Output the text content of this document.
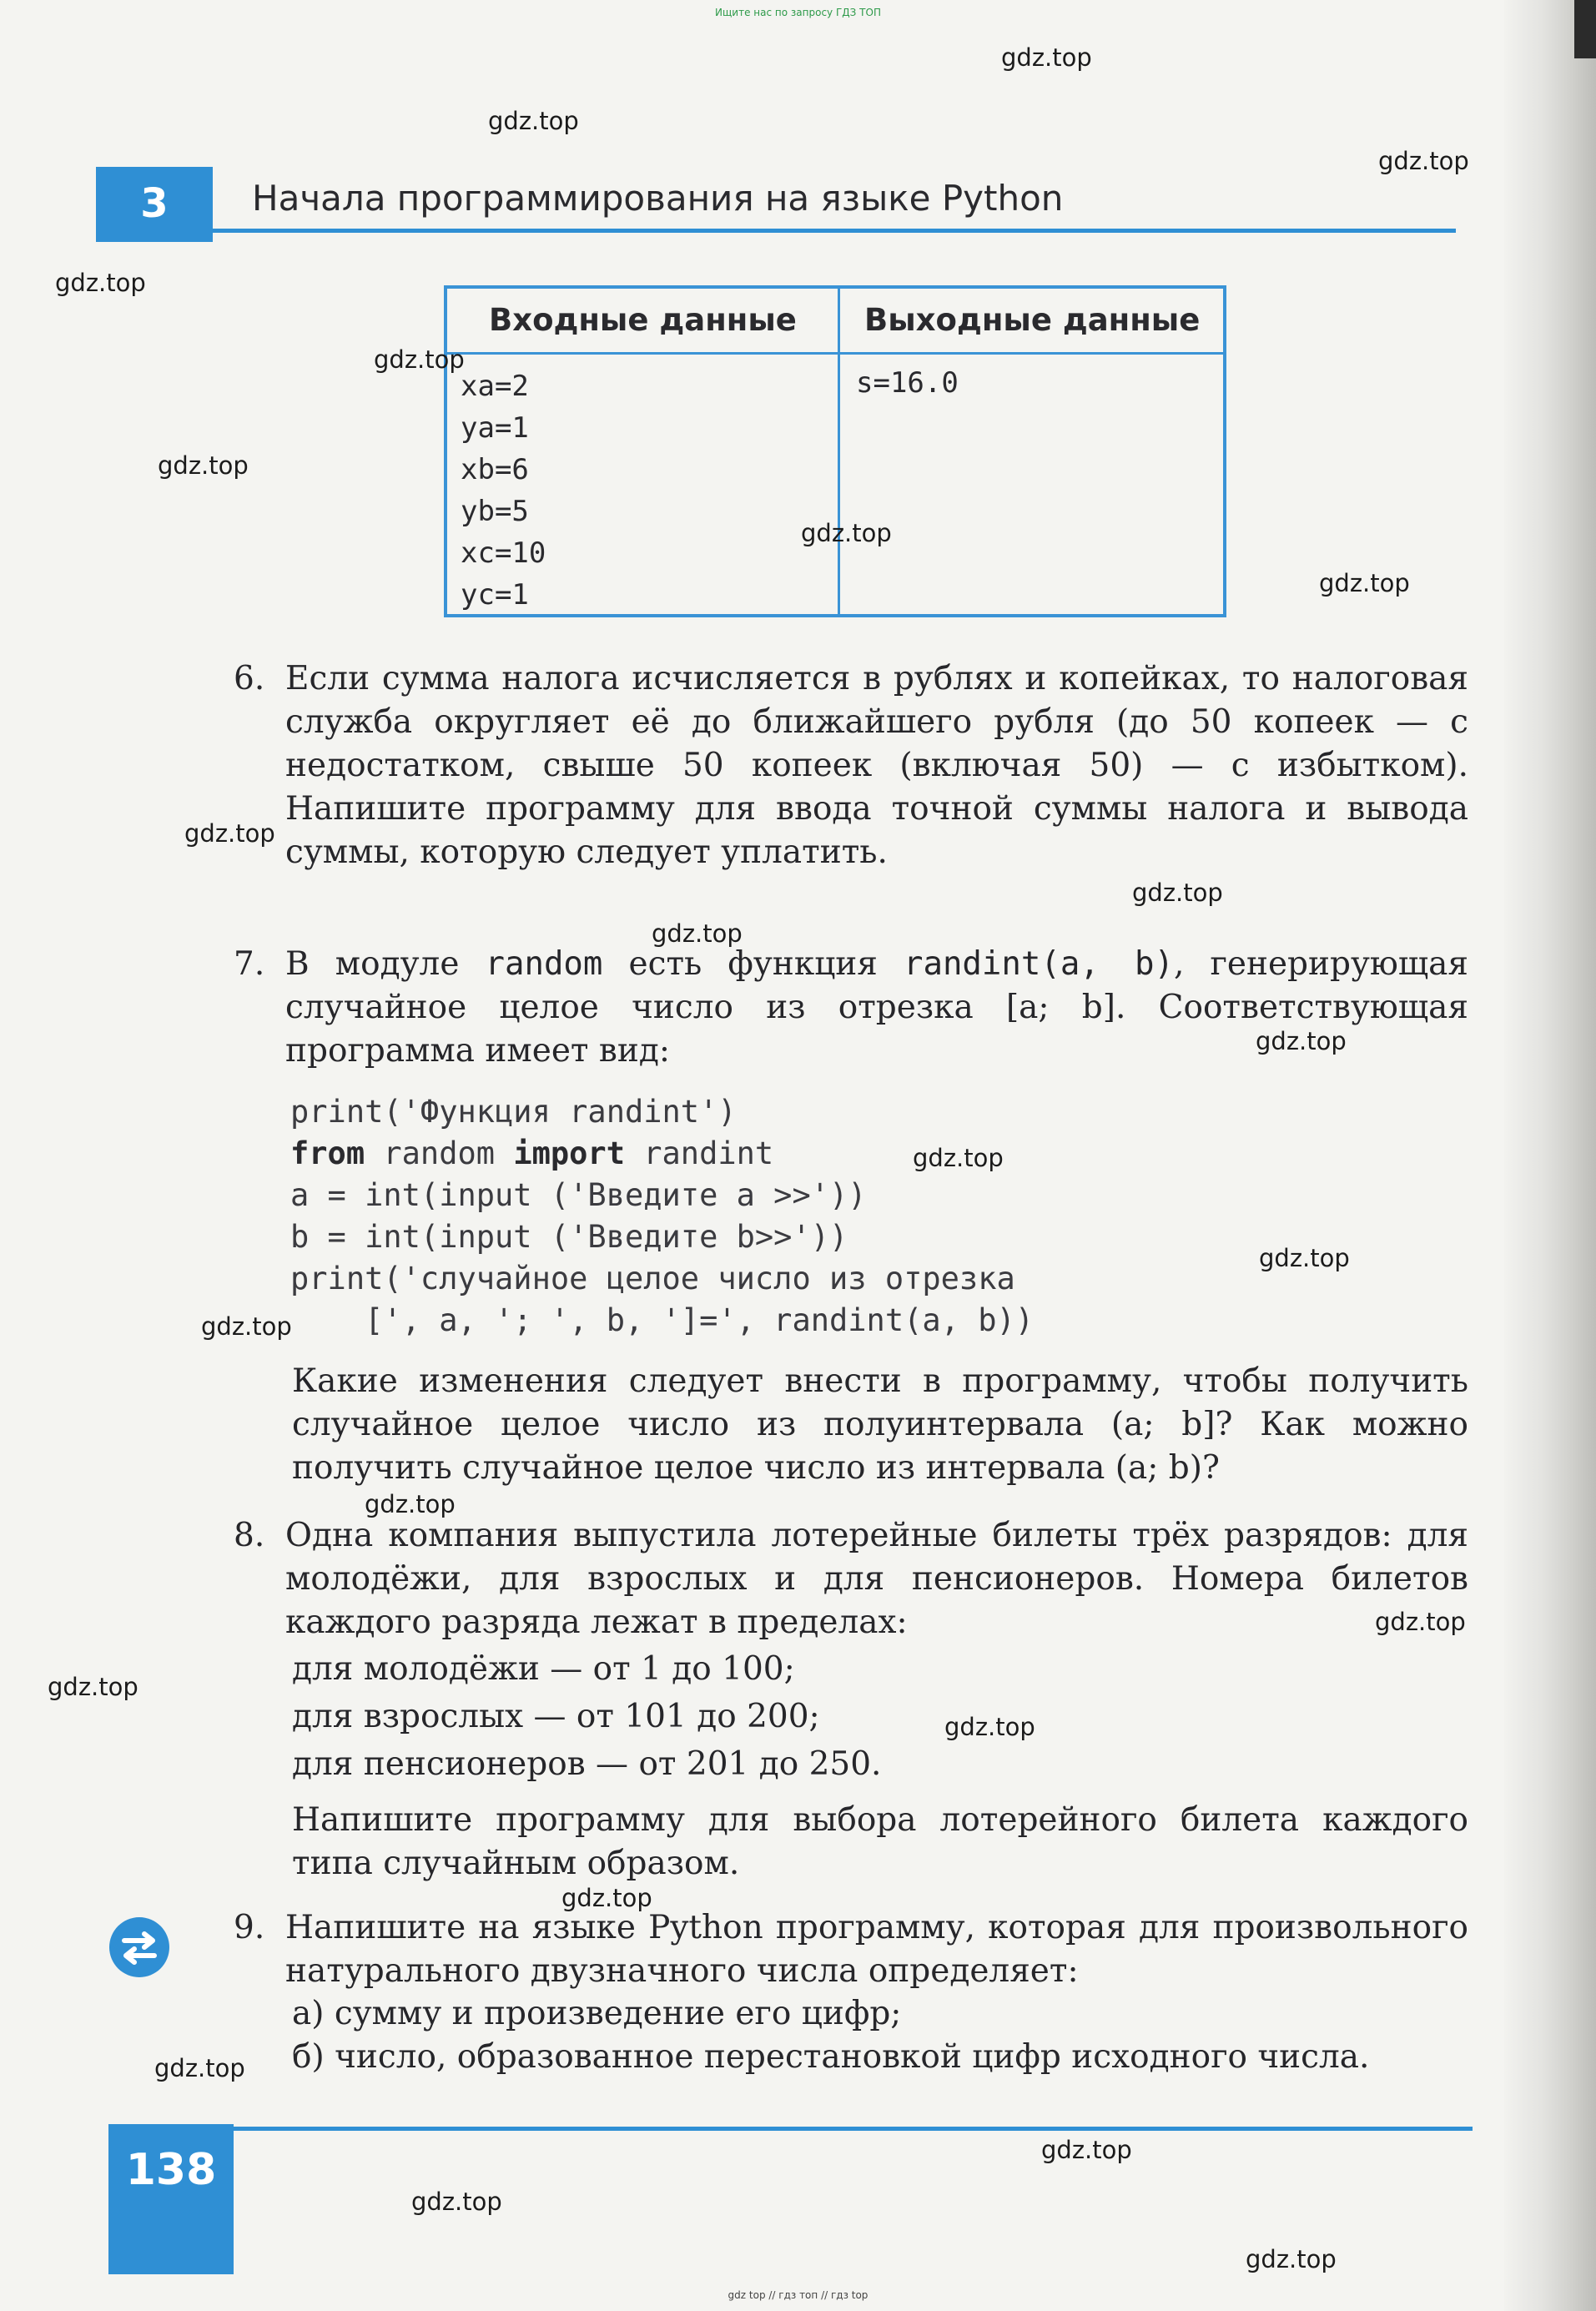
Ищите нас по запросу ГДЗ ТОП
3	Начала программирования на языке Python
Входные данные Выходные данные
xa=2
ya=1
xb=6
yb=5
xc=10
yc=1
s=16.0
6. Если сумма налога исчисляется в рублях и копейках, то налоговая служба округляет её до ближайшего рубля (до 50 копеек — с недостатком, свыше 50 копеек (включая 50) — с избытком). Напишите программу для ввода точной суммы налога и вывода суммы, которую следует уплатить.
7. В модуле random есть функция randint(a, b), генерирующая случайное целое число из отрезка [a; b]. Соответствующая программа имеет вид:
print('Функция randint')
from random import randint
a = int(input ('Введите a >>'))
b = int(input ('Введите b>>'))
print('случайное целое число из отрезка
[', a, '; ', b, ']=', randint(a, b))
Какие изменения следует внести в программу, чтобы получить случайное целое число из полуинтервала (a; b]? Как можно получить случайное целое число из интервала (a; b)?
8. Одна компания выпустила лотерейные билеты трёх разрядов: для молодёжи, для взрослых и для пенсионеров. Номера билетов каждого разряда лежат в пределах:
для молодёжи — от 1 до 100;
для взрослых — от 101 до 200;
для пенсионеров — от 201 до 250.
Напишите программу для выбора лотерейного билета каждого типа случайным образом.
9. Напишите на языке Python программу, которая для произвольного натурального двузначного числа определяет:
а) сумму и произведение его цифр;
б) число, образованное перестановкой цифр исходного числа.
138
gdz top // гдз топ // гдз top
gdz.top
gdz.top
gdz.top
gdz.top
gdz.top
gdz.top
gdz.top
gdz.top
gdz.top
gdz.top
gdz.top
gdz.top
gdz.top
gdz.top
gdz.top
gdz.top
gdz.top
gdz.top
gdz.top
gdz.top
gdz.top
gdz.top
gdz.top
gdz.top
